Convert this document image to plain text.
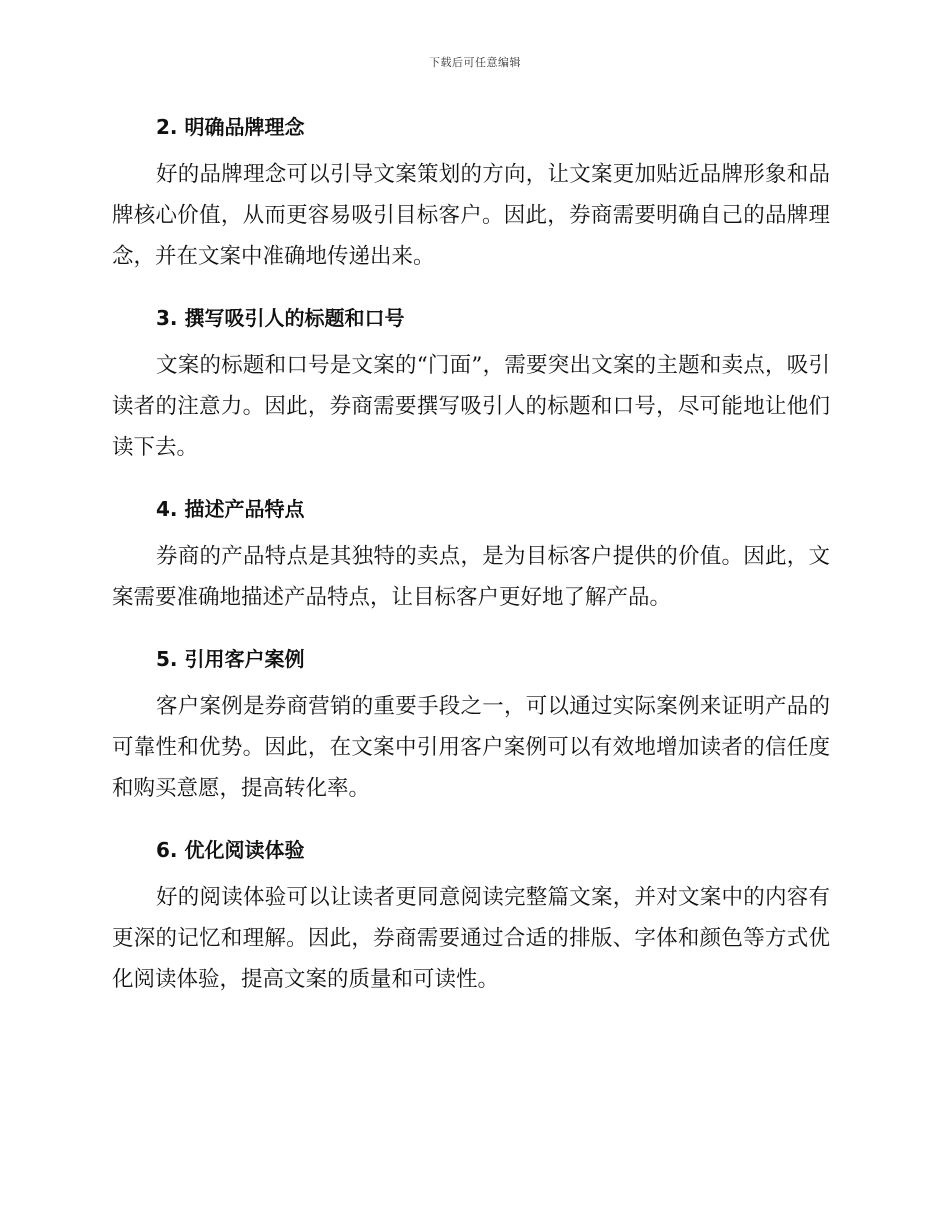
下载后可任意编辑
2. 明确品牌理念

好的品牌理念可以引导文案策划的方向，让文案更加贴近品牌形象和品牌核心价值，从而更容易吸引目标客户。因此，券商需要明确自己的品牌理念，并在文案中准确地传递出来。

3. 撰写吸引人的标题和口号

文案的标题和口号是文案的“门面”，需要突出文案的主题和卖点，吸引读者的注意力。因此，券商需要撰写吸引人的标题和口号，尽可能地让他们读下去。

4. 描述产品特点

券商的产品特点是其独特的卖点，是为目标客户提供的价值。因此，文案需要准确地描述产品特点，让目标客户更好地了解产品。

5. 引用客户案例

客户案例是券商营销的重要手段之一，可以通过实际案例来证明产品的可靠性和优势。因此，在文案中引用客户案例可以有效地增加读者的信任度和购买意愿，提高转化率。

6. 优化阅读体验

好的阅读体验可以让读者更同意阅读完整篇文案，并对文案中的内容有更深的记忆和理解。因此，券商需要通过合适的排版、字体和颜色等方式优化阅读体验，提高文案的质量和可读性。
